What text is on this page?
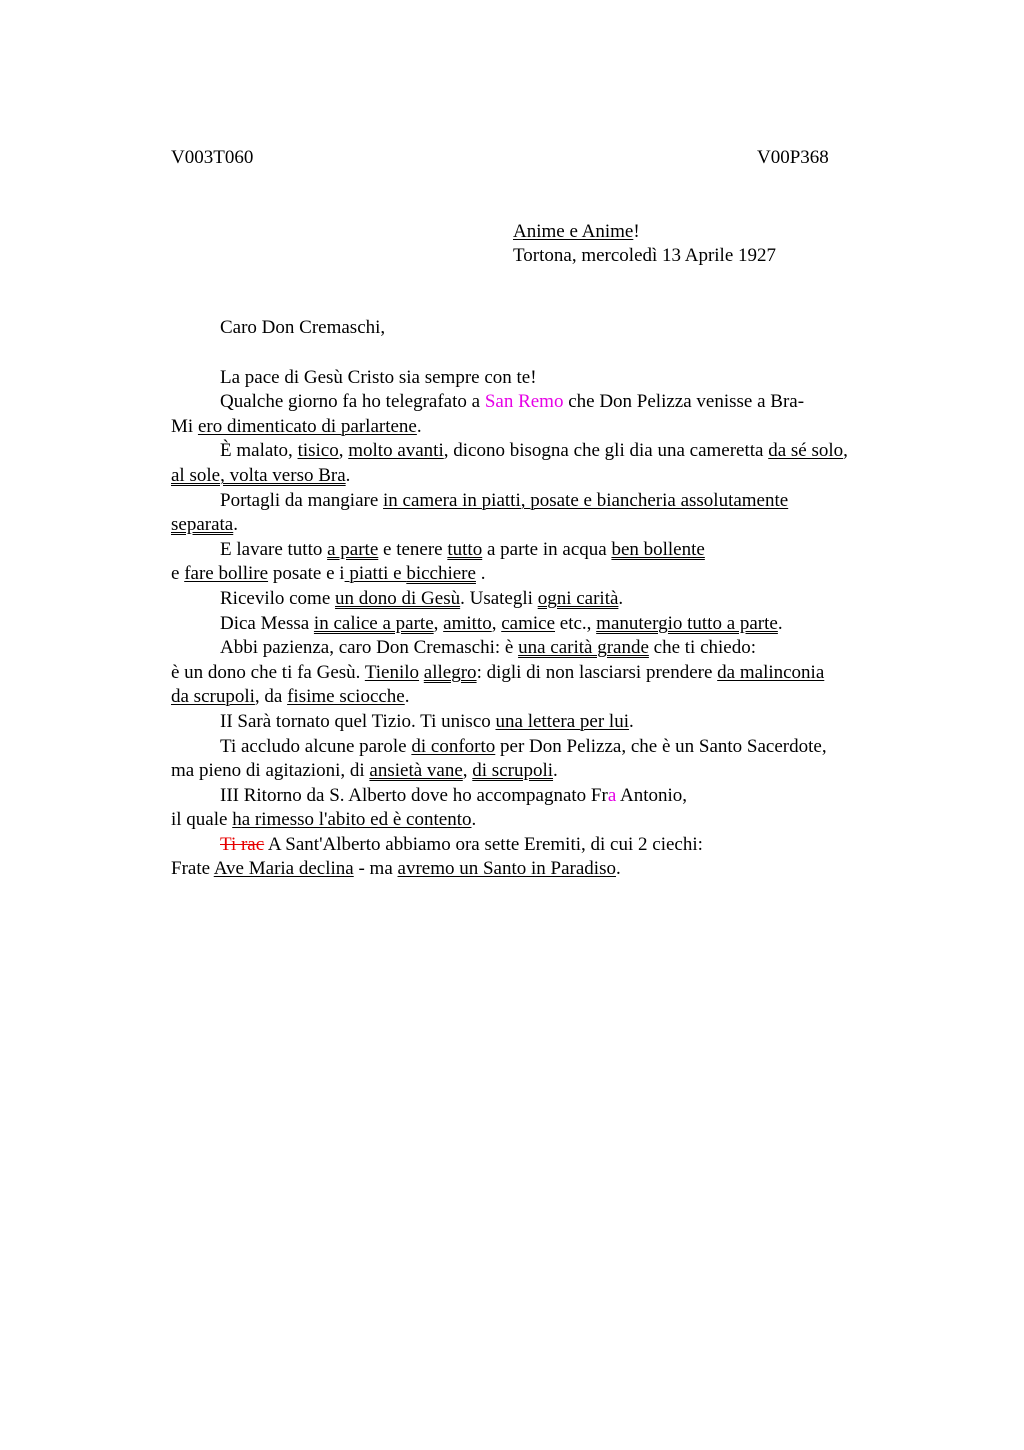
V003T060	V00P368
Anime e Anime!
Tortona, mercoledì 13 Aprile 1927
Caro Don Cremaschi,
La pace di Gesù Cristo sia sempre con te!
Qualche giorno fa ho telegrafato a San Remo che Don Pelizza venisse a Bra-
Mi ero dimenticato di parlartene.
È malato, tisico, molto avanti, dicono bisogna che gli dia una cameretta da sé solo,
al sole, volta verso Bra.
Portagli da mangiare in camera in piatti, posate e biancheria assolutamente
separata.
E lavare tutto a parte e tenere tutto a parte in acqua ben bollente
e fare bollire posate e i piatti e bicchiere .
Ricevilo come un dono di Gesù. Usategli ogni carità.
Dica Messa in calice a parte, amitto, camice etc., manutergio tutto a parte.
Abbi pazienza, caro Don Cremaschi: è una carità grande che ti chiedo:
è un dono che ti fa Gesù. Tienilo allegro: digli di non lasciarsi prendere da malinconia
da scrupoli, da fisime sciocche.
II Sarà tornato quel Tizio. Ti unisco una lettera per lui.
Ti accludo alcune parole di conforto per Don Pelizza, che è un Santo Sacerdote,
ma pieno di agitazioni, di ansietà vane, di scrupoli.
III Ritorno da S. Alberto dove ho accompagnato Fra Antonio,
il quale ha rimesso l'abito ed è contento.
Ti rac A Sant'Alberto abbiamo ora sette Eremiti, di cui 2 ciechi:
Frate Ave Maria declina - ma avremo un Santo in Paradiso.
